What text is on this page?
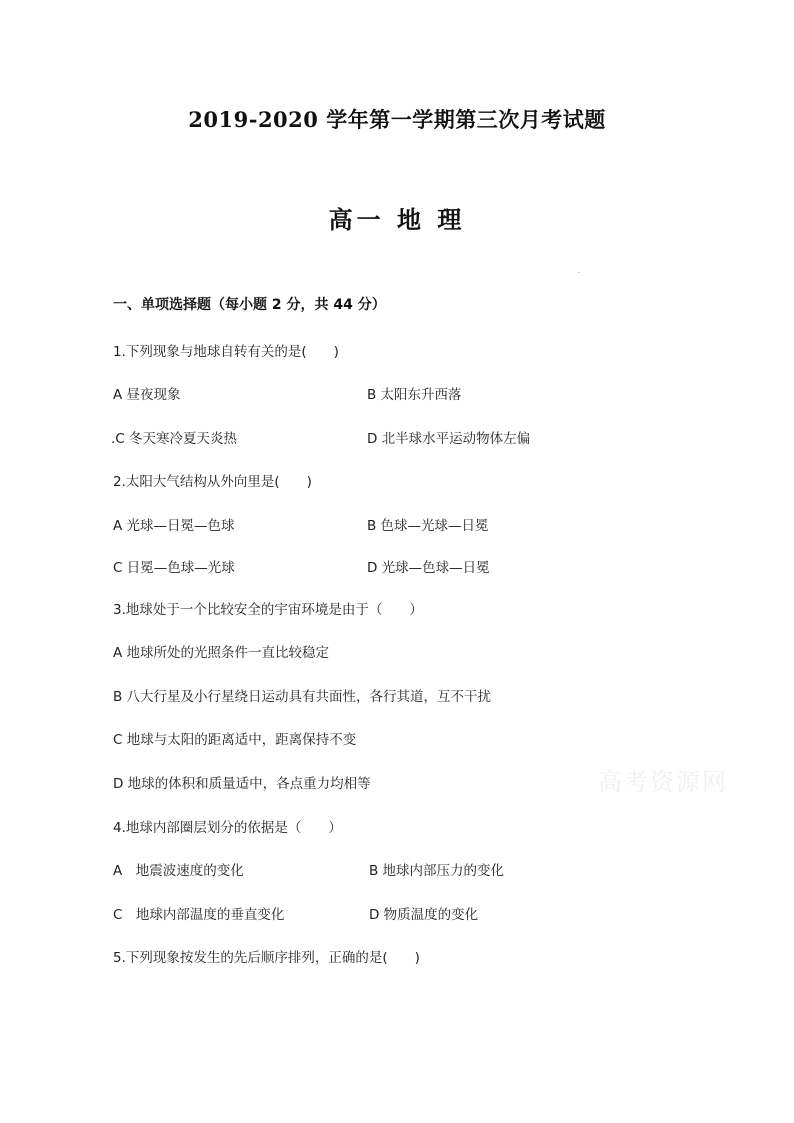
2019-2020 学年第一学期第三次月考试题
高一 地 理
一、单项选择题（每小题 2 分，共 44 分）
1.下列现象与地球自转有关的是(　　)
A 昼夜现象	B 太阳东升西落
.C 冬天寒冷夏天炎热	D 北半球水平运动物体左偏
2.太阳大气结构从外向里是(　　)
A 光球—日冕—色球	B 色球—光球—日冕
C 日冕—色球—光球	D 光球—色球—日冕
3.地球处于一个比较安全的宇宙环境是由于（　　）
A 地球所处的光照条件一直比较稳定
B 八大行星及小行星绕日运动具有共面性，各行其道，互不干扰
C 地球与太阳的距离适中，距离保持不变
D 地球的体积和质量适中，各点重力均相等	高考资源网
4.地球内部圈层划分的依据是（　　）
A　地震波速度的变化	B 地球内部压力的变化
C　地球内部温度的垂直变化	D 物质温度的变化
5.下列现象按发生的先后顺序排列，正确的是(　　)
